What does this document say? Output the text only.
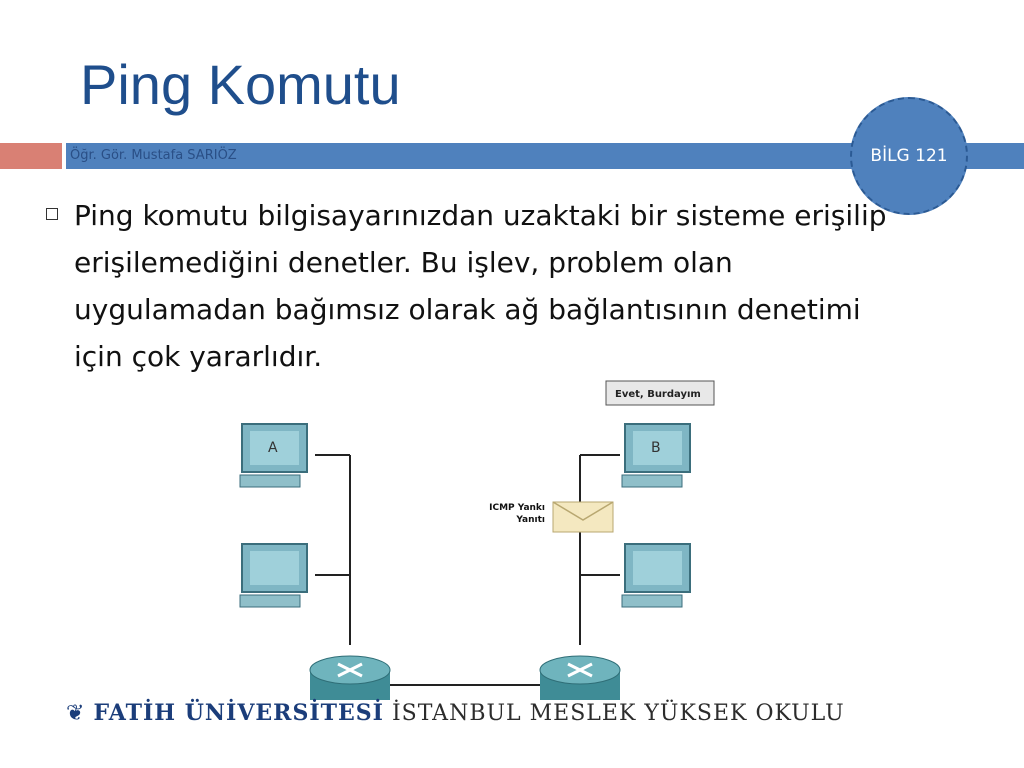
Ping Komutu
Öğr. Gör. Mustafa SARIÖZ	BİLG 121
Ping komutu bilgisayarınızdan uzaktaki bir sisteme erişilip erişilemediğini denetler. Bu işlev, problem olan uygulamadan bağımsız olarak ağ bağlantısının denetimi için çok yararlıdır.
A	B
Evet, Burdayım
ICMP Yankı
Yanıtı
❦ FATİH ÜNİVERSİTESİ İSTANBUL MESLEK YÜKSEK OKULU
